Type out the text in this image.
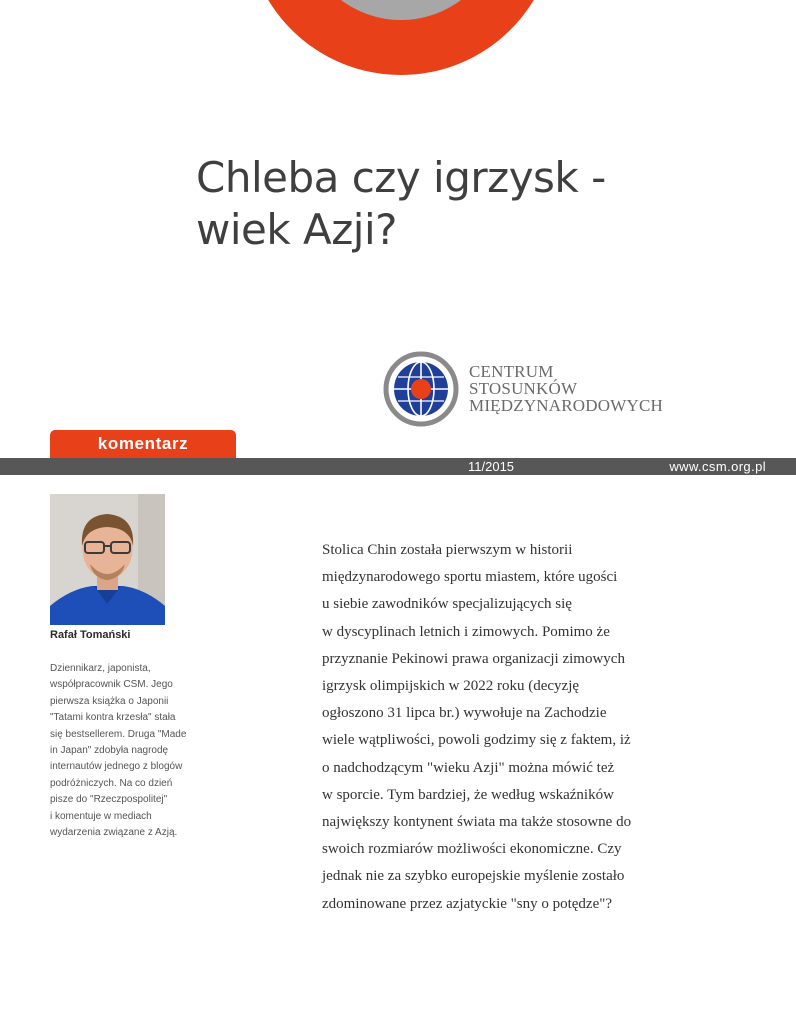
Chleba czy igrzysk -
wiek Azji?
CENTRUM
STOSUNKÓW
MIĘDZYNARODOWYCH
komentarz
11/2015	www.csm.org.pl

Rafał Tomański

Dziennikarz, japonista,
współpracownik CSM. Jego
pierwsza książka o Japonii
"Tatami kontra krzesła" stała
się bestsellerem. Druga "Made
in Japan" zdobyła nagrodę
internautów jednego z blogów
podróżniczych. Na co dzień
pisze do "Rzeczpospolitej"
i komentuje w mediach
wydarzenia związane z Azją.
Stolica Chin została pierwszym w historii
międzynarodowego sportu miastem, które ugości
u siebie zawodników specjalizujących się
w dyscyplinach letnich i zimowych. Pomimo że
przyznanie Pekinowi prawa organizacji zimowych
igrzysk olimpijskich w 2022 roku (decyzję
ogłoszono 31 lipca br.) wywołuje na Zachodzie
wiele wątpliwości, powoli godzimy się z faktem, iż
o nadchodzącym "wieku Azji" można mówić też
w sporcie. Tym bardziej, że według wskaźników
największy kontynent świata ma także stosowne do
swoich rozmiarów możliwości ekonomiczne. Czy
jednak nie za szybko europejskie myślenie zostało
zdominowane przez azjatyckie "sny o potędze"?
